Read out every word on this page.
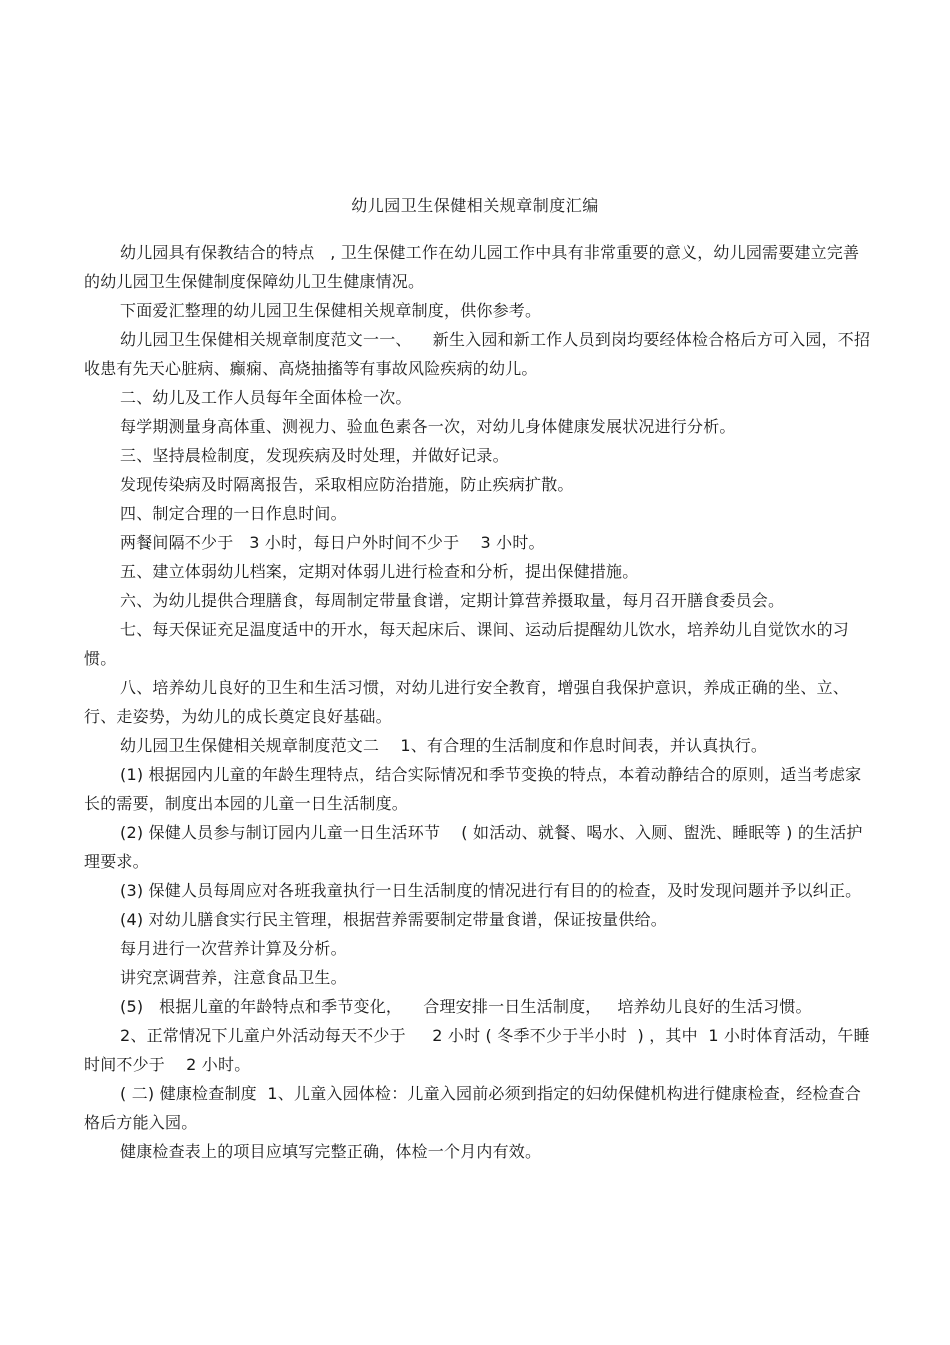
幼儿园卫生保健相关规章制度汇编

幼儿园具有保教结合的特点   , 卫生保健工作在幼儿园工作中具有非常重要的意义，幼儿园需要建立完善的幼儿园卫生保健制度保障幼儿卫生健康情况。

下面爱汇整理的幼儿园卫生保健相关规章制度，供你参考。

幼儿园卫生保健相关规章制度范文一一、    新生入园和新工作人员到岗均要经体检合格后方可入园，不招收患有先天心脏病、癫痫、高烧抽搐等有事故风险疾病的幼儿。

二、幼儿及工作人员每年全面体检一次。

每学期测量身高体重、测视力、验血色素各一次，对幼儿身体健康发展状况进行分析。

三、坚持晨检制度，发现疾病及时处理，并做好记录。

发现传染病及时隔离报告，采取相应防治措施，防止疾病扩散。

四、制定合理的一日作息时间。

两餐间隔不少于   3 小时，每日户外时间不少于    3 小时。

五、建立体弱幼儿档案，定期对体弱儿进行检查和分析，提出保健措施。

六、为幼儿提供合理膳食，每周制定带量食谱，定期计算营养摄取量，每月召开膳食委员会。

七、每天保证充足温度适中的开水，每天起床后、课间、运动后提醒幼儿饮水，培养幼儿自觉饮水的习惯。

八、培养幼儿良好的卫生和生活习惯，对幼儿进行安全教育，增强自我保护意识，养成正确的坐、立、行、走姿势，为幼儿的成长奠定良好基础。

幼儿园卫生保健相关规章制度范文二    1、有合理的生活制度和作息时间表，并认真执行。

(1) 根据园内儿童的年龄生理特点，结合实际情况和季节变换的特点，本着动静结合的原则，适当考虑家长的需要，制度出本园的儿童一日生活制度。

(2) 保健人员参与制订园内儿童一日生活环节    ( 如活动、就餐、喝水、入厕、盥洗、睡眠等 ) 的生活护理要求。

(3) 保健人员每周应对各班我童执行一日生活制度的情况进行有目的的检查，及时发现问题并予以纠正。

(4) 对幼儿膳食实行民主管理，根据营养需要制定带量食谱，保证按量供给。

每月进行一次营养计算及分析。

讲究烹调营养，注意食品卫生。

(5)   根据儿童的年龄特点和季节变化，    合理安排一日生活制度，   培养幼儿良好的生活习惯。

2、正常情况下儿童户外活动每天不少于     2 小时 ( 冬季不少于半小时  ) ，其中  1 小时体育活动，午睡时间不少于    2 小时。

( 二) 健康检查制度  1、儿童入园体检：儿童入园前必须到指定的妇幼保健机构进行健康检查，经检查合格后方能入园。

健康检查表上的项目应填写完整正确，体检一个月内有效。
